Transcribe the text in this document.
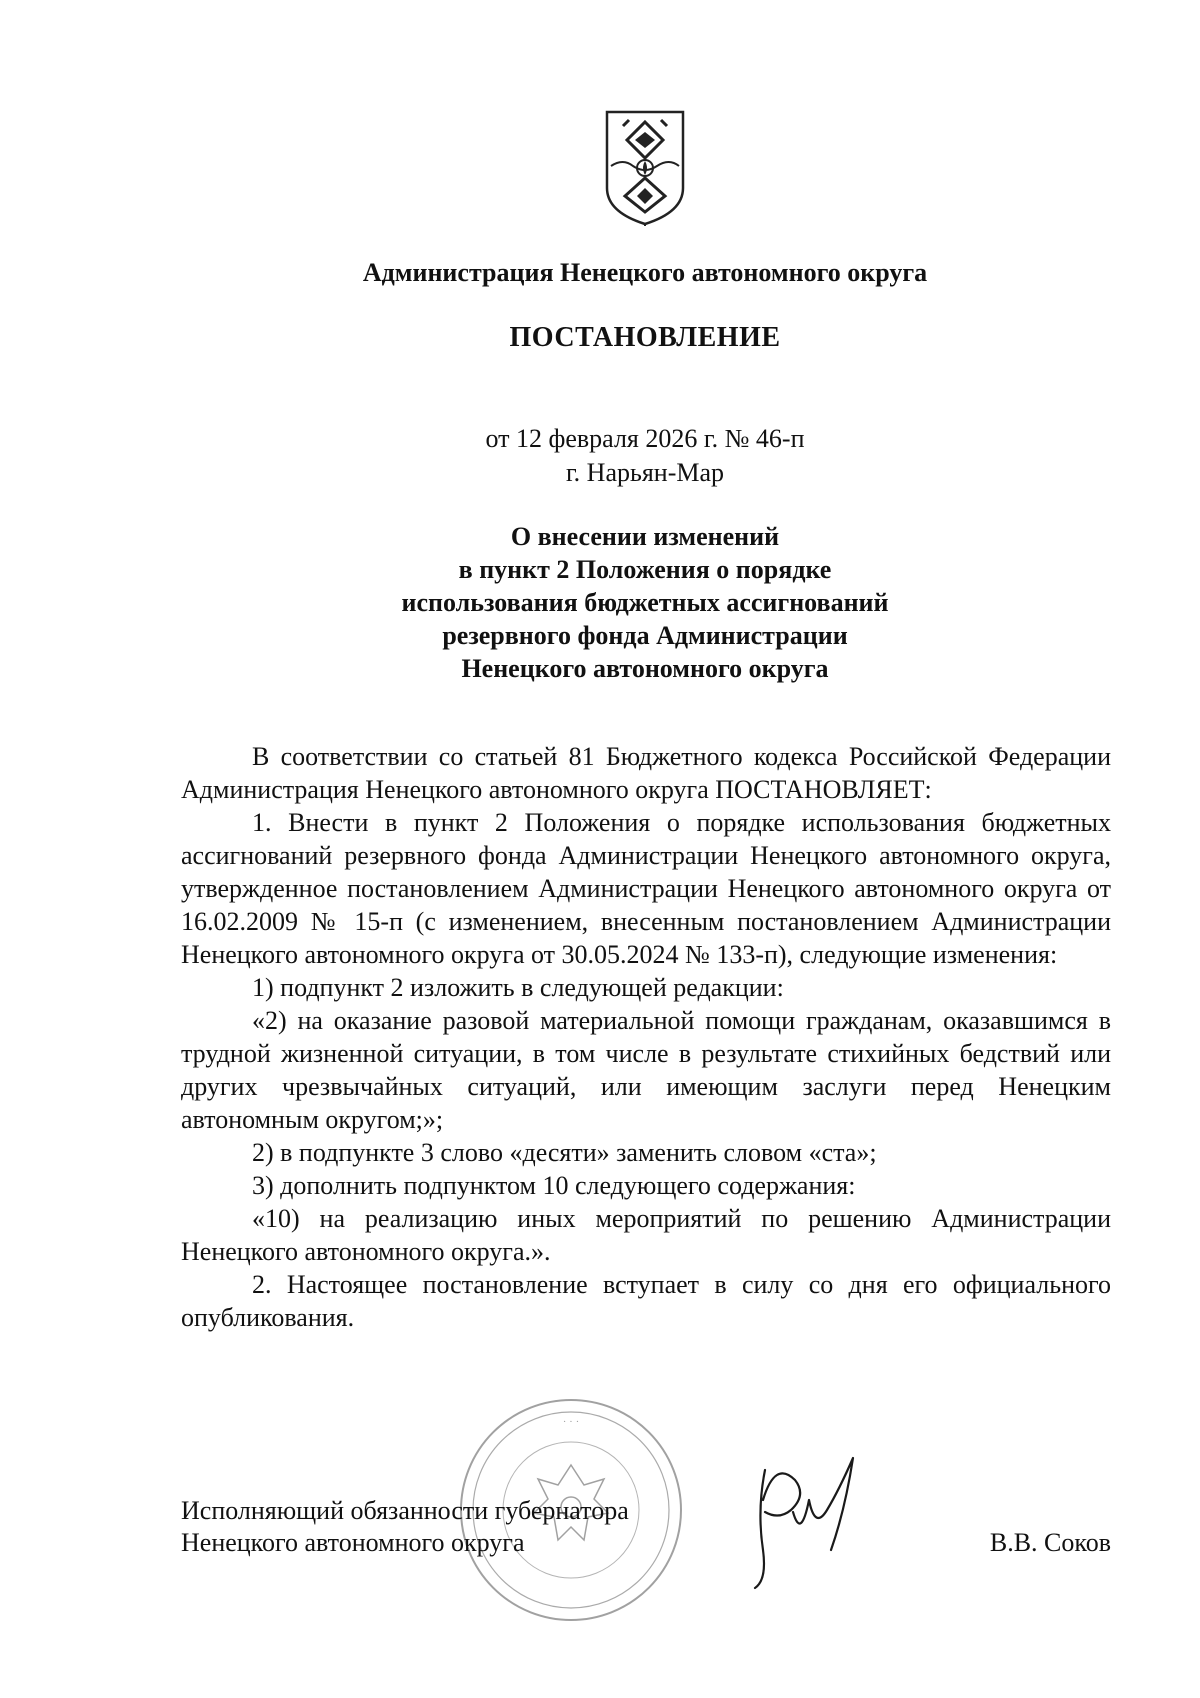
Администрация Ненецкого автономного округа
ПОСТАНОВЛЕНИЕ
от 12 февраля 2026 г. № 46-п
г. Нарьян-Мар
О внесении изменений
в пункт 2 Положения о порядке
использования бюджетных ассигнований
резервного фонда Администрации
Ненецкого автономного округа

В соответствии со статьей 81 Бюджетного кодекса Российской Федерации Администрация Ненецкого автономного округа ПОСТАНОВЛЯЕТ:

1. Внести в пункт 2 Положения о порядке использования бюджетных ассигнований резервного фонда Администрации Ненецкого автономного округа, утвержденное постановлением Администрации Ненецкого автономного округа от 16.02.2009 № 15-п (с изменением, внесенным постановлением Администрации Ненецкого автономного округа от 30.05.2024 № 133-п), следующие изменения:

1) подпункт 2 изложить в следующей редакции:

«2) на оказание разовой материальной помощи гражданам, оказавшимся в трудной жизненной ситуации, в том числе в результате стихийных бедствий или других чрезвычайных ситуаций, или имеющим заслуги перед Ненецким автономным округом;»;

2) в подпункте 3 слово «десяти» заменить словом «ста»;

3) дополнить подпунктом 10 следующего содержания:

«10) на реализацию иных мероприятий по решению Администрации Ненецкого автономного округа.».

2. Настоящее постановление вступает в силу со дня его официального опубликования.

· · ·
Исполняющий обязанности губернатора
Ненецкого автономного округа	В.В. Соков
